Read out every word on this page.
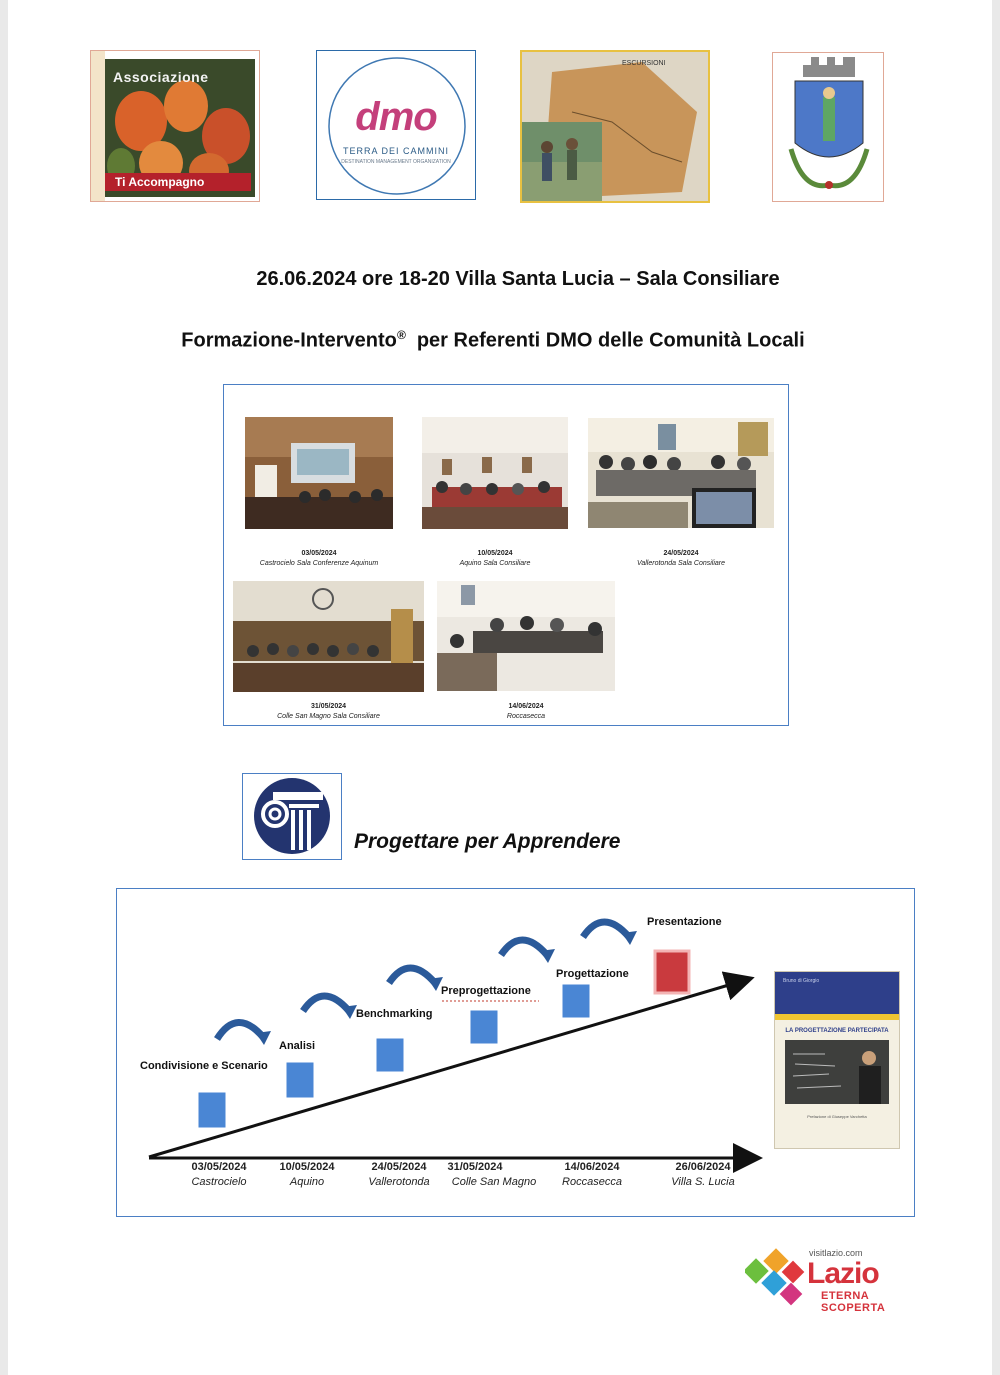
Associazione
Ti Accompagno
dmo
TERRA DEI CAMMINI
DESTINATION MANAGEMENT ORGANIZATION
ESCURSIONI
26.06.2024 ore 18-20 Villa Santa Lucia – Sala Consiliare
Formazione-Intervento®  per Referenti DMO delle Comunità Locali
03/05/2024
Castrocielo Sala Conferenze Aquinum
10/05/2024
Aquino Sala Consiliare
24/05/2024
Vallerotonda Sala Consiliare
31/05/2024
Colle San Magno Sala Consiliare
14/06/2024
Roccasecca
Progettare per Apprendere
Condivisione e Scenario
Analisi
Benchmarking
Preprogettazione
Progettazione
Presentazione
03/05/2024
Castrocielo
10/05/2024
Aquino
24/05/2024
Vallerotonda
31/05/2024
Colle San Magno
14/06/2024
Roccasecca
26/06/2024
Villa S. Lucia
Bruno di Giorgio
LA PROGETTAZIONE PARTECIPATA
Prefazione di Giuseppe Varchetta
visitlazio.com
Lazio
ETERNA SCOPERTA
